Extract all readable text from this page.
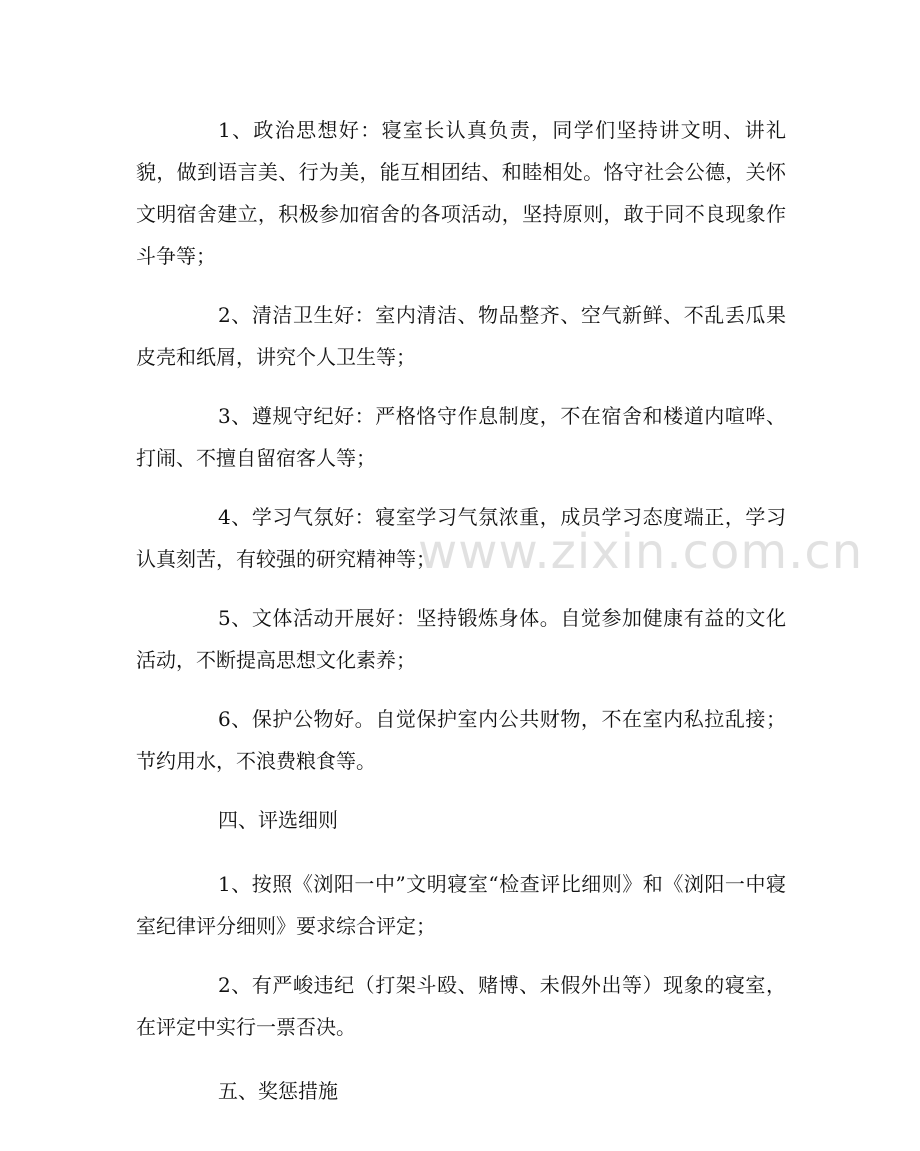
1、政治思想好：寝室长认真负责，同学们坚持讲文明、讲礼貌，做到语言美、行为美，能互相团结、和睦相处。恪守社会公德，关怀文明宿舍建立，积极参加宿舍的各项活动，坚持原则，敢于同不良现象作斗争等；

2、清洁卫生好：室内清洁、物品整齐、空气新鲜、不乱丢瓜果皮壳和纸屑，讲究个人卫生等；

3、遵规守纪好：严格恪守作息制度，不在宿舍和楼道内喧哗、打闹、不擅自留宿客人等；

4、学习气氛好：寝室学习气氛浓重，成员学习态度端正，学习认真刻苦，有较强的研究精神等；

5、文体活动开展好：坚持锻炼身体。自觉参加健康有益的文化活动，不断提高思想文化素养；

6、保护公物好。自觉保护室内公共财物，不在室内私拉乱接；节约用水，不浪费粮食等。

四、评选细则

1、按照《浏阳一中”文明寝室“检查评比细则》和《浏阳一中寝室纪律评分细则》要求综合评定；

2、有严峻违纪（打架斗殴、赌博、未假外出等）现象的寝室，在评定中实行一票否决。

五、奖惩措施

www.zixin.com.cn
